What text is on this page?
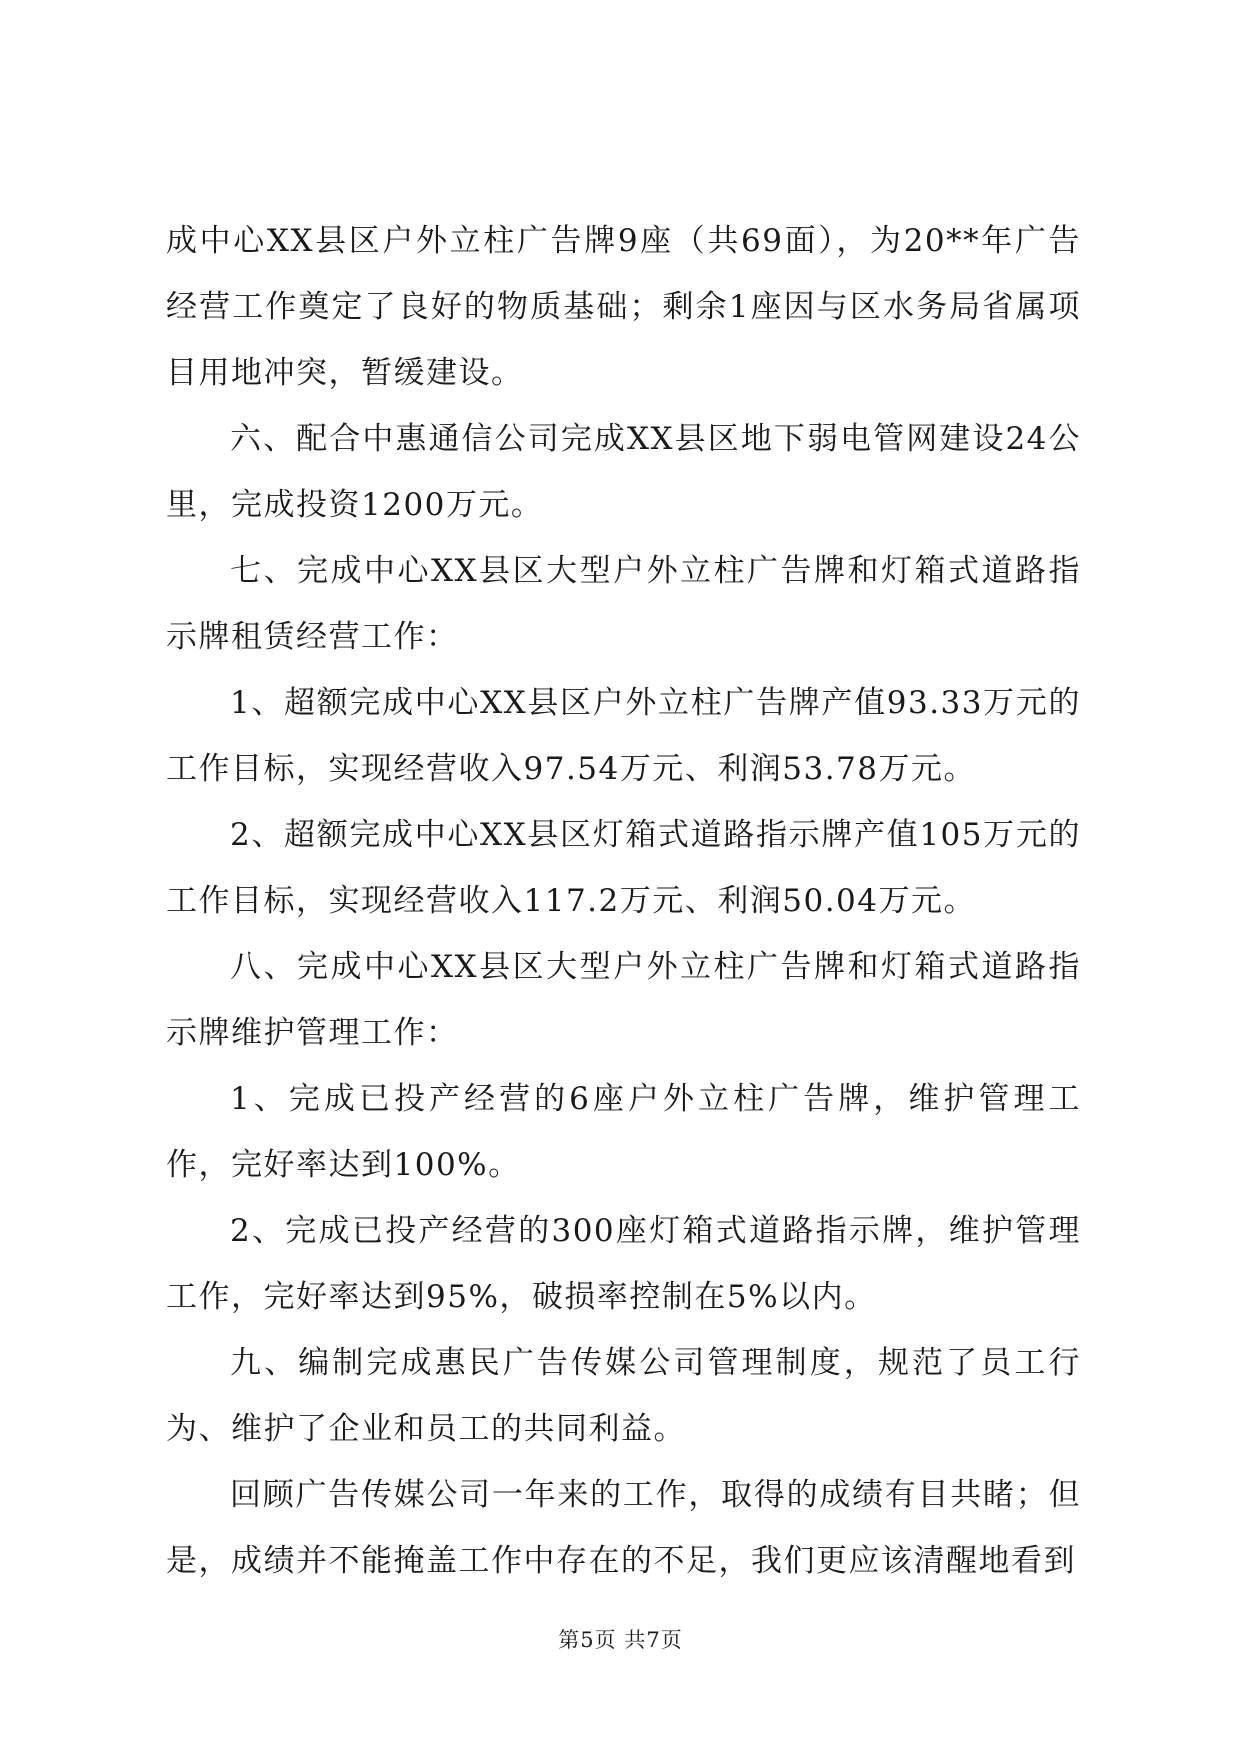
成中心XX县区户外立柱广告牌9座（共69面），为20**年广告经营工作奠定了良好的物质基础；剩余1座因与区水务局省属项目用地冲突，暂缓建设。

六、配合中惠通信公司完成XX县区地下弱电管网建设24公里，完成投资1200万元。

七、完成中心XX县区大型户外立柱广告牌和灯箱式道路指示牌租赁经营工作：

1、超额完成中心XX县区户外立柱广告牌产值93.33万元的工作目标，实现经营收入97.54万元、利润53.78万元。

2、超额完成中心XX县区灯箱式道路指示牌产值105万元的工作目标，实现经营收入117.2万元、利润50.04万元。

八、完成中心XX县区大型户外立柱广告牌和灯箱式道路指示牌维护管理工作：

1、完成已投产经营的6座户外立柱广告牌，维护管理工作，完好率达到100%。

2、完成已投产经营的300座灯箱式道路指示牌，维护管理工作，完好率达到95%，破损率控制在5%以内。

九、编制完成惠民广告传媒公司管理制度，规范了员工行为、维护了企业和员工的共同利益。

回顾广告传媒公司一年来的工作，取得的成绩有目共睹；但是，成绩并不能掩盖工作中存在的不足，我们更应该清醒地看到

第5页 共7页
